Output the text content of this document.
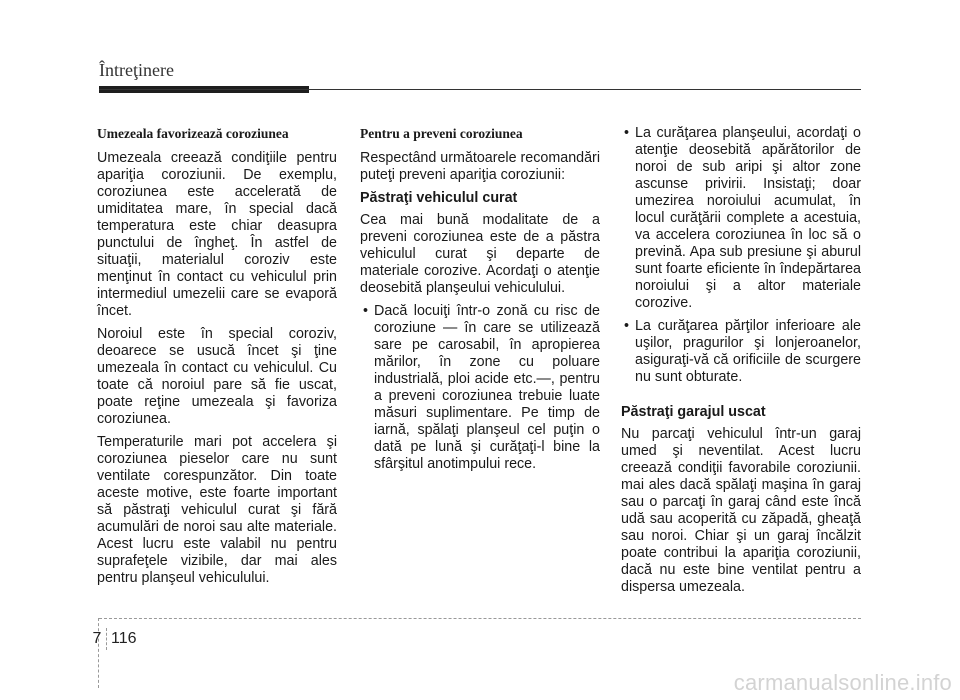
Întreţinere
Umezeala favorizează coroziunea

Umezeala creează condiţiile pentru apariţia coroziunii. De exemplu, coroziunea este accelerată de umiditatea mare, în special dacă temperatura este chiar deasupra punctului de îngheţ. În astfel de situaţii, materialul coroziv este menţinut în contact cu vehiculul prin intermediul umezelii care se evaporă încet.

Noroiul este în special coroziv, deoarece se usucă încet şi ţine umezeala în contact cu vehiculul. Cu toate că noroiul pare să fie uscat, poate reţine umezeala şi favoriza coroziunea.

Temperaturile mari pot accelera şi coroziunea pieselor care nu sunt ventilate corespunzător. Din toate aceste motive, este foarte important să păstraţi vehiculul curat şi fără acumulări de noroi sau alte materiale. Acest lucru este valabil nu pentru suprafeţele vizibile, dar mai ales pentru planşeul vehiculului.

Pentru a preveni coroziunea

Respectând următoarele recomandări puteţi preveni apariţia coroziunii:

Păstraţi vehiculul curat

Cea mai bună modalitate de a preveni coroziunea este de a păstra vehiculul curat şi departe de materiale corozive. Acordaţi o atenţie deosebită planşeului vehiculului.

• Dacă locuiţi într-o zonă cu risc de coroziune — în care se utilizează sare pe carosabil, în apropierea mărilor, în zone cu poluare industrială, ploi acide etc.—, pentru a preveni coroziunea trebuie luate măsuri suplimentare. Pe timp de iarnă, spălaţi planşeul cel puţin o dată pe lună şi curăţaţi-l bine la sfârşitul anotimpului rece.
• La curăţarea planşeului, acordaţi o atenţie deosebită apărătorilor de noroi de sub aripi şi altor zone ascunse privirii. Insistaţi; doar umezirea noroiului acumulat, în locul curăţării complete a acestuia, va accelera coroziunea în loc să o prevină. Apa sub presiune şi aburul sunt foarte eficiente în îndepărtarea noroiului şi a altor materiale corozive.
• La curăţarea părţilor inferioare ale uşilor, pragurilor şi lonjeroanelor, asiguraţi-vă că orificiile de scurgere nu sunt obturate.
Păstraţi garajul uscat

Nu parcaţi vehiculul într-un garaj umed şi neventilat. Acest lucru creează condiţii favorabile coroziunii. mai ales dacă spălaţi maşina în garaj sau o parcaţi în garaj când este încă udă sau acoperită cu zăpadă, gheaţă sau noroi. Chiar şi un garaj încălzit poate contribui la apariţia coroziunii, dacă nu este bine ventilat pentru a dispersa umezeala.

7 116
carmanualsonline.info
